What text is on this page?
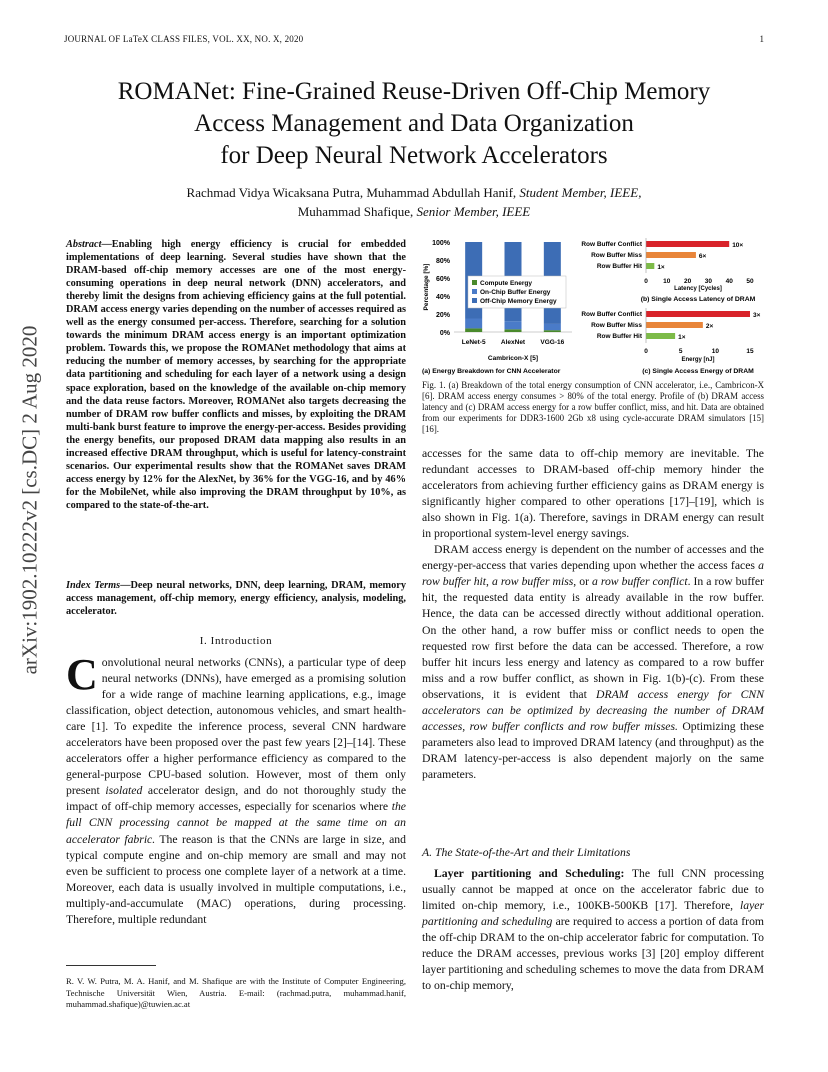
JOURNAL OF LaTeX CLASS FILES, VOL. XX, NO. X, 2020	1
ROMANet: Fine-Grained Reuse-Driven Off-Chip Memory
Access Management and Data Organization
for Deep Neural Network Accelerators
Rachmad Vidya Wicaksana Putra, Muhammad Abdullah Hanif, Student Member, IEEE,
Muhammad Shafique, Senior Member, IEEE
arXiv:1902.10222v2 [cs.DC] 2 Aug 2020
Abstract—Enabling high energy efficiency is crucial for embedded implementations of deep learning. Several studies have shown that the DRAM-based off-chip memory accesses are one of the most energy-consuming operations in deep neural network (DNN) accelerators, and thereby limit the designs from achieving efficiency gains at the full potential. DRAM access energy varies depending on the number of accesses required as well as the energy consumed per-access. Therefore, searching for a solution towards the minimum DRAM access energy is an important optimization problem. Towards this, we propose the ROMANet methodology that aims at reducing the number of memory accesses, by searching for the appropriate data partitioning and scheduling for each layer of a network using a design space exploration, based on the knowledge of the available on-chip memory and the data reuse factors. Moreover, ROMANet also targets decreasing the number of DRAM row buffer conflicts and misses, by exploiting the DRAM multi-bank burst feature to improve the energy-per-access. Besides providing the energy benefits, our proposed DRAM data mapping also results in an increased effective DRAM throughput, which is useful for latency-constraint scenarios. Our experimental results show that the ROMANet saves DRAM access energy by 12% for the AlexNet, by 36% for the VGG-16, and by 46% for the MobileNet, while also improving the DRAM throughput by 10%, as compared to the state-of-the-art.
Index Terms—Deep neural networks, DNN, deep learning, DRAM, memory access management, off-chip memory, energy efficiency, analysis, modeling, accelerator.
I. Introduction
Convolutional neural networks (CNNs), a particular type of deep neural networks (DNNs), have emerged as a promising solution for a wide range of machine learning applications, e.g., image classification, object detection, autonomous vehicles, and smart health-care [1]. To expedite the inference process, several CNN hardware accelerators have been proposed over the past few years [2]–[14]. These accelerators offer a higher performance efficiency as compared to the general-purpose CPU-based solution. However, most of them only present isolated accelerator design, and do not thoroughly study the impact of off-chip memory accesses, especially for scenarios where the full CNN processing cannot be mapped at the same time on an accelerator fabric. The reason is that the CNNs are large in size, and typical compute engine and on-chip memory are small and may not even be sufficient to process one complete layer of a network at a time. Moreover, each data is usually involved in multiple computations, i.e., multiply-and-accumulate (MAC) operations, during processing. Therefore, multiple redundant
R. V. W. Putra, M. A. Hanif, and M. Shafique are with the Institute of Computer Engineering, Technische Universität Wien, Austria. E-mail: (rachmad.putra, muhammad.hanif, muhammad.shafique)@tuwien.ac.at
100%
80%
60%
40%
20%
0%
Percentage [%]
LeNet-5 AlexNet VGG-16
Cambricon-X [5]
(a) Energy Breakdown for CNN Accelerator
Compute Energy
On-Chip Buffer Energy
Off-Chip Memory Energy
Row Buffer Conflict	10×
Row Buffer Miss	6×
Row Buffer Hit 1×
0 10 20 30 40 50
Latency [Cycles]
(b) Single Access Latency of DRAM
Row Buffer Conflict	3×
Row Buffer Miss	2×
Row Buffer Hit	1×
0	5	10	15
Energy [nJ]
(c) Single Access Energy of DRAM
Fig. 1. (a) Breakdown of the total energy consumption of CNN accelerator, i.e., Cambricon-X [6]. DRAM access energy consumes > 80% of the total energy. Profile of (b) DRAM access latency and (c) DRAM access energy for a row buffer conflict, miss, and hit. Data are obtained from our experiments for DDR3-1600 2Gb x8 using cycle-accurate DRAM simulators [15] [16].

accesses for the same data to off-chip memory are inevitable. The redundant accesses to DRAM-based off-chip memory hinder the accelerators from achieving further efficiency gains as DRAM energy is significantly higher compared to other operations [17]–[19], which is also shown in Fig. 1(a). Therefore, savings in DRAM energy can result in proportional system-level energy savings.

DRAM access energy is dependent on the number of accesses and the energy-per-access that varies depending upon whether the access faces a row buffer hit, a row buffer miss, or a row buffer conflict. In a row buffer hit, the requested data entity is already available in the row buffer. Hence, the data can be accessed directly without additional operation. On the other hand, a row buffer miss or conflict needs to open the requested row first before the data can be accessed. Therefore, a row buffer hit incurs less energy and latency as compared to a row buffer miss and a row buffer conflict, as shown in Fig. 1(b)-(c). From these observations, it is evident that DRAM access energy for CNN accelerators can be optimized by decreasing the number of DRAM accesses, row buffer conflicts and row buffer misses. Optimizing these parameters also lead to improved DRAM latency (and throughput) as the DRAM latency-per-access is also dependent majorly on the same parameters.

A. The State-of-the-Art and their Limitations

Layer partitioning and Scheduling: The full CNN processing usually cannot be mapped at once on the accelerator fabric due to limited on-chip memory, i.e., 100KB-500KB [17]. Therefore, layer partitioning and scheduling are required to access a portion of data from the off-chip DRAM to the on-chip accelerator fabric for computation. To reduce the DRAM accesses, previous works [3] [20] employ different layer partitioning and scheduling schemes to move the data from DRAM to on-chip memory,
